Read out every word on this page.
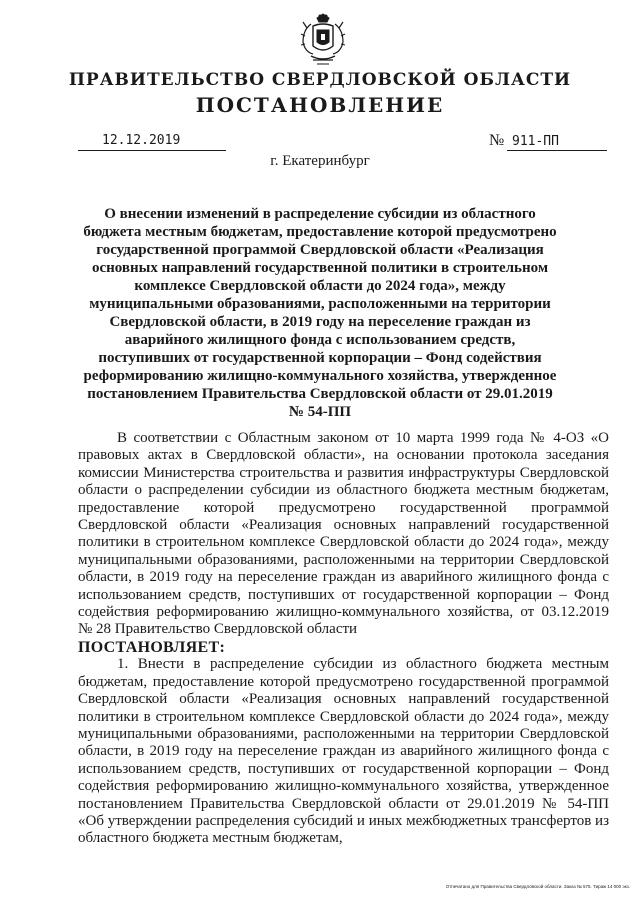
ПРАВИТЕЛЬСТВО СВЕРДЛОВСКОЙ ОБЛАСТИ
ПОСТАНОВЛЕНИЕ
12.12.2019	№ 911-ПП
г. Екатеринбург
О внесении изменений в распределение субсидии из областного бюджета местным бюджетам, предоставление которой предусмотрено государственной программой Свердловской области «Реализация основных направлений государственной политики в строительном комплексе Свердловской области до 2024 года», между муниципальными образованиями, расположенными на территории Свердловской области, в 2019 году на переселение граждан из аварийного жилищного фонда с использованием средств, поступивших от государственной корпорации – Фонд содействия реформированию жилищно-коммунального хозяйства, утвержденное постановлением Правительства Свердловской области от 29.01.2019 № 54-ПП

В соответствии с Областным законом от 10 марта 1999 года № 4-ОЗ «О правовых актах в Свердловской области», на основании протокола заседания комиссии Министерства строительства и развития инфраструктуры Свердловской области о распределении субсидии из областного бюджета местным бюджетам, предоставление которой предусмотрено государственной программой Свердловской области «Реализация основных направлений государственной политики в строительном комплексе Свердловской области до 2024 года», между муниципальными образованиями, расположенными на территории Свердловской области, в 2019 году на переселение граждан из аварийного жилищного фонда с использованием средств, поступивших от государственной корпорации – Фонд содействия реформированию жилищно-коммунального хозяйства, от 03.12.2019 № 28 Правительство Свердловской области

ПОСТАНОВЛЯЕТ:

1. Внести в распределение субсидии из областного бюджета местным бюджетам, предоставление которой предусмотрено государственной программой Свердловской области «Реализация основных направлений государственной политики в строительном комплексе Свердловской области до 2024 года», между муниципальными образованиями, расположенными на территории Свердловской области, в 2019 году на переселение граждан из аварийного жилищного фонда с использованием средств, поступивших от государственной корпорации – Фонд содействия реформированию жилищно-коммунального хозяйства, утвержденное постановлением Правительства Свердловской области от 29.01.2019 № 54-ПП «Об утверждении распределения субсидий и иных межбюджетных трансфертов из областного бюджета местным бюджетам,

Отпечатано для Правительства Свердловской области. Заказ № 575. Тираж 14 000 экз.
